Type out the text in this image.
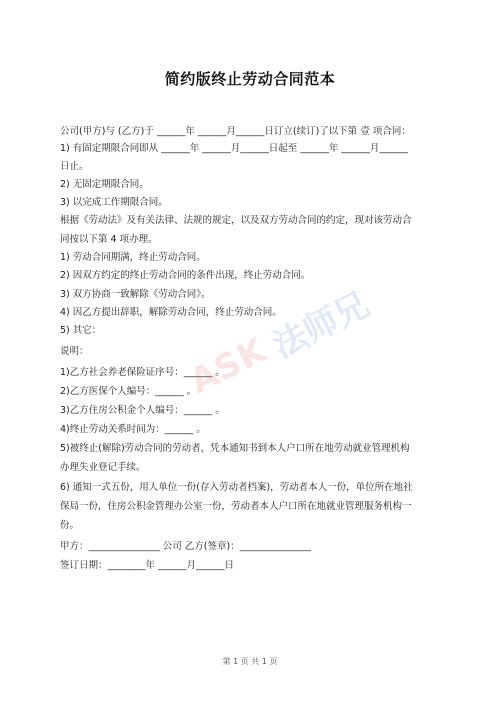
简约版终止劳动合同范本
公司(甲方)与 (乙方)于 ______年 ______月______日订立(续订)了以下第 壹 项合同：
1) 有固定期限合同即从 ______年 ______月______日起至 ______年 ______月______
日止。
2) 无固定期限合同。
3) 以完成工作期限合同。
根据《劳动法》及有关法律、法规的规定，以及双方劳动合同的约定，现对该劳动合
同按以下第 4 项办理。
1) 劳动合同期满，终止劳动合同。
2) 因双方约定的终止劳动合同的条件出现，终止劳动合同。
3) 双方协商一致解除《劳动合同》。
4) 因乙方提出辞职，解除劳动合同，终止劳动合同。
5) 其它：
说明：
1)乙方社会养老保险证序号：______ 。
2)乙方医保个人编号：______ 。
3)乙方住房公积金个人编号：______ 。
4)终止劳动关系时间为：______ 。
5)被终止(解除)劳动合同的劳动者，凭本通知书到本人户口所在地劳动就业管理机构
办理失业登记手续。
6) 通知一式五份，用人单位一份(存入劳动者档案)，劳动者本人一份，单位所在地社
保局一份，住房公积金管理办公室一份，劳动者本人户口所在地就业管理服务机构一
份。
甲方：_______________ 公司 乙方(签章)：_______________
签订日期：________年 ______月______日
ASK
法师兄
第 1 页 共 1 页
